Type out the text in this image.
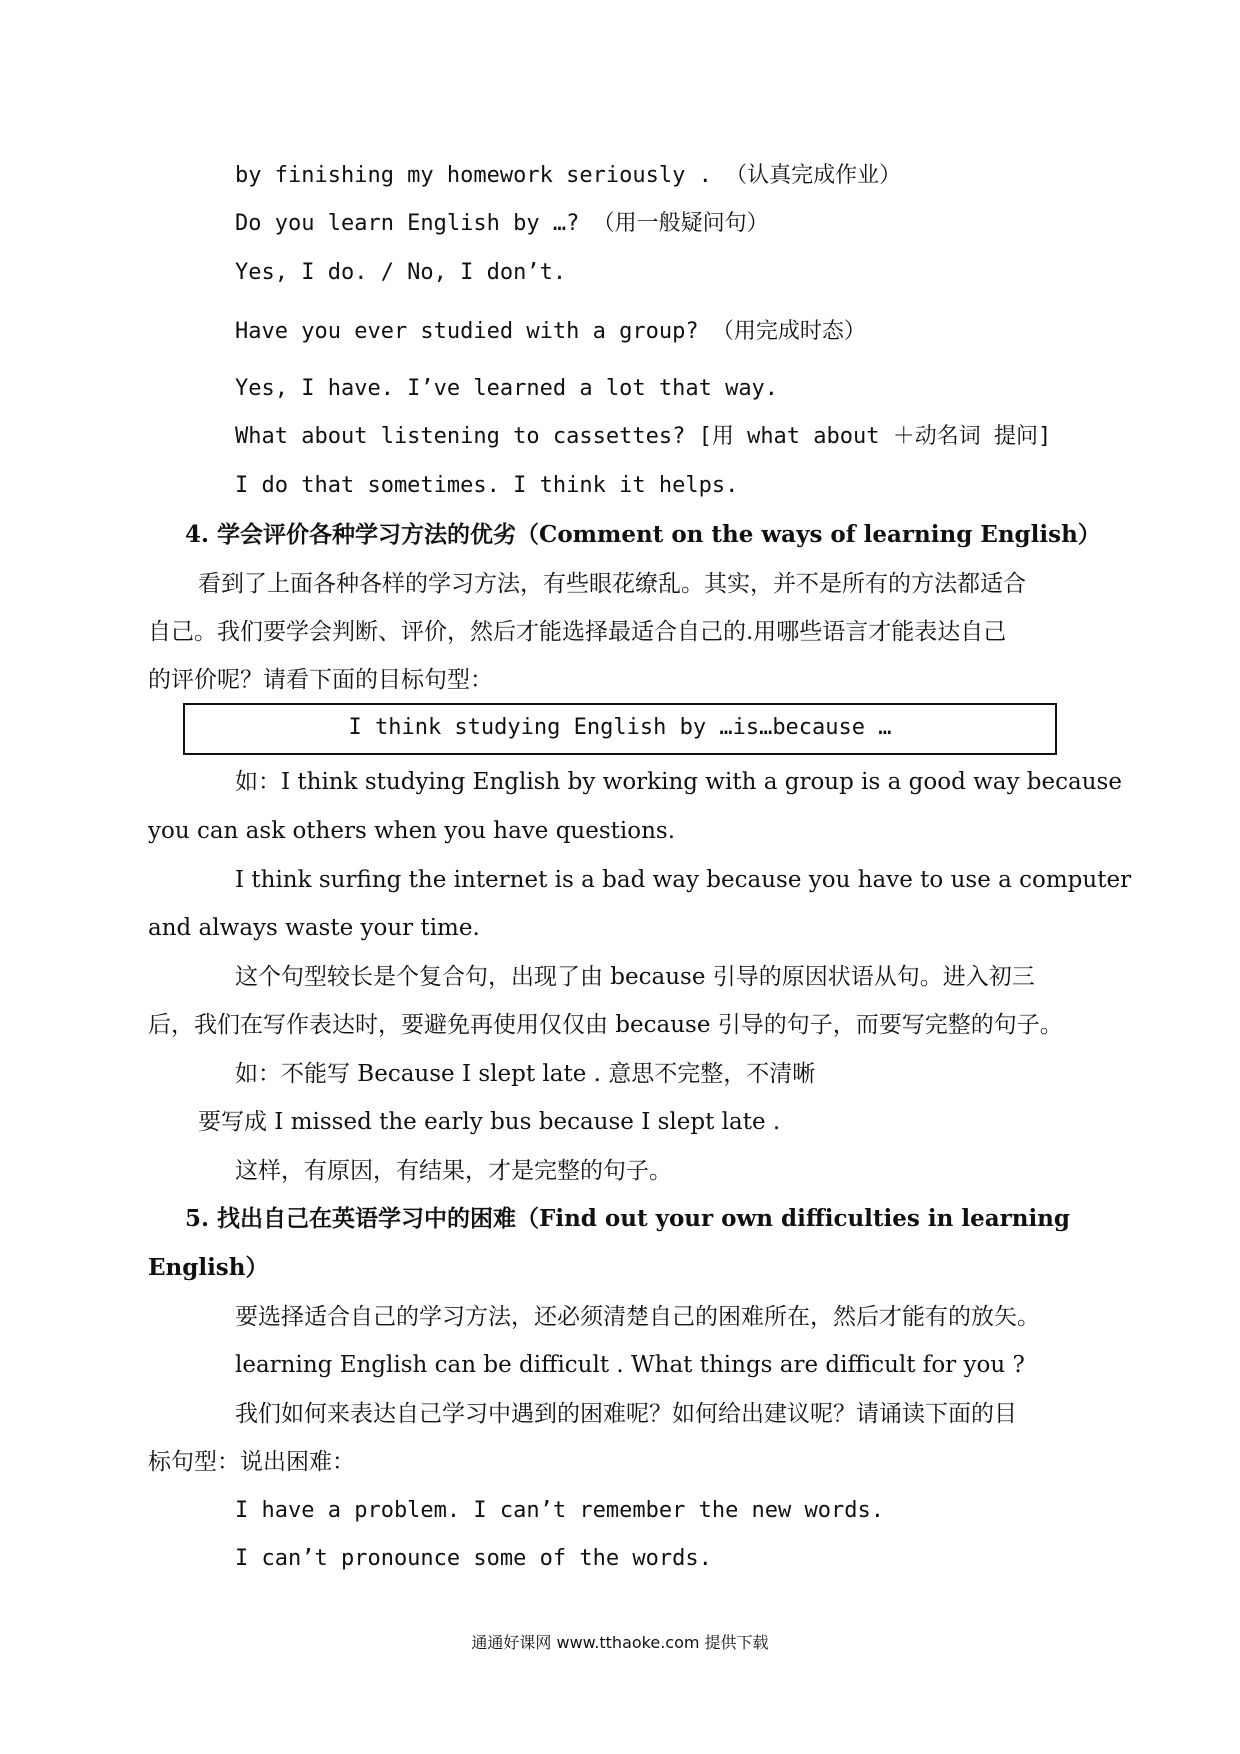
by finishing my homework seriously . （认真完成作业）
Do you learn English by …? （用一般疑问句）
Yes, I do. / No, I don’t.
Have you ever studied with a group? （用完成时态）
Yes, I have. I’ve learned a lot that way.
What about listening to cassettes? [用 what about ＋动名词 提问]
I do that sometimes. I think it helps.
4. 学会评价各种学习方法的优劣（Comment on the ways of learning English）
看到了上面各种各样的学习方法，有些眼花缭乱。其实，并不是所有的方法都适合
自己。我们要学会判断、评价，然后才能选择最适合自己的.用哪些语言才能表达自己
的评价呢？请看下面的目标句型：
I think studying English by …is…because …
如：I think studying English by working with a group is a good way because
you can ask others when you have questions.
I think surfing the internet is a bad way because you have to use a computer
and always waste your time.
这个句型较长是个复合句，出现了由 because 引导的原因状语从句。进入初三
后，我们在写作表达时，要避免再使用仅仅由 because 引导的句子，而要写完整的句子。
如：不能写 Because I slept late . 意思不完整，不清晰
要写成 I missed the early bus because I slept late .
这样，有原因，有结果，才是完整的句子。
5. 找出自己在英语学习中的困难（Find out your own difficulties in learning
English）
要选择适合自己的学习方法，还必须清楚自己的困难所在，然后才能有的放矢。
learning English can be difficult . What things are difficult for you ?
我们如何来表达自己学习中遇到的困难呢？如何给出建议呢？请诵读下面的目
标句型：说出困难：
I have a problem. I can’t remember the new words.
I can’t pronounce some of the words.
通通好课网 www.tthaoke.com 提供下载
